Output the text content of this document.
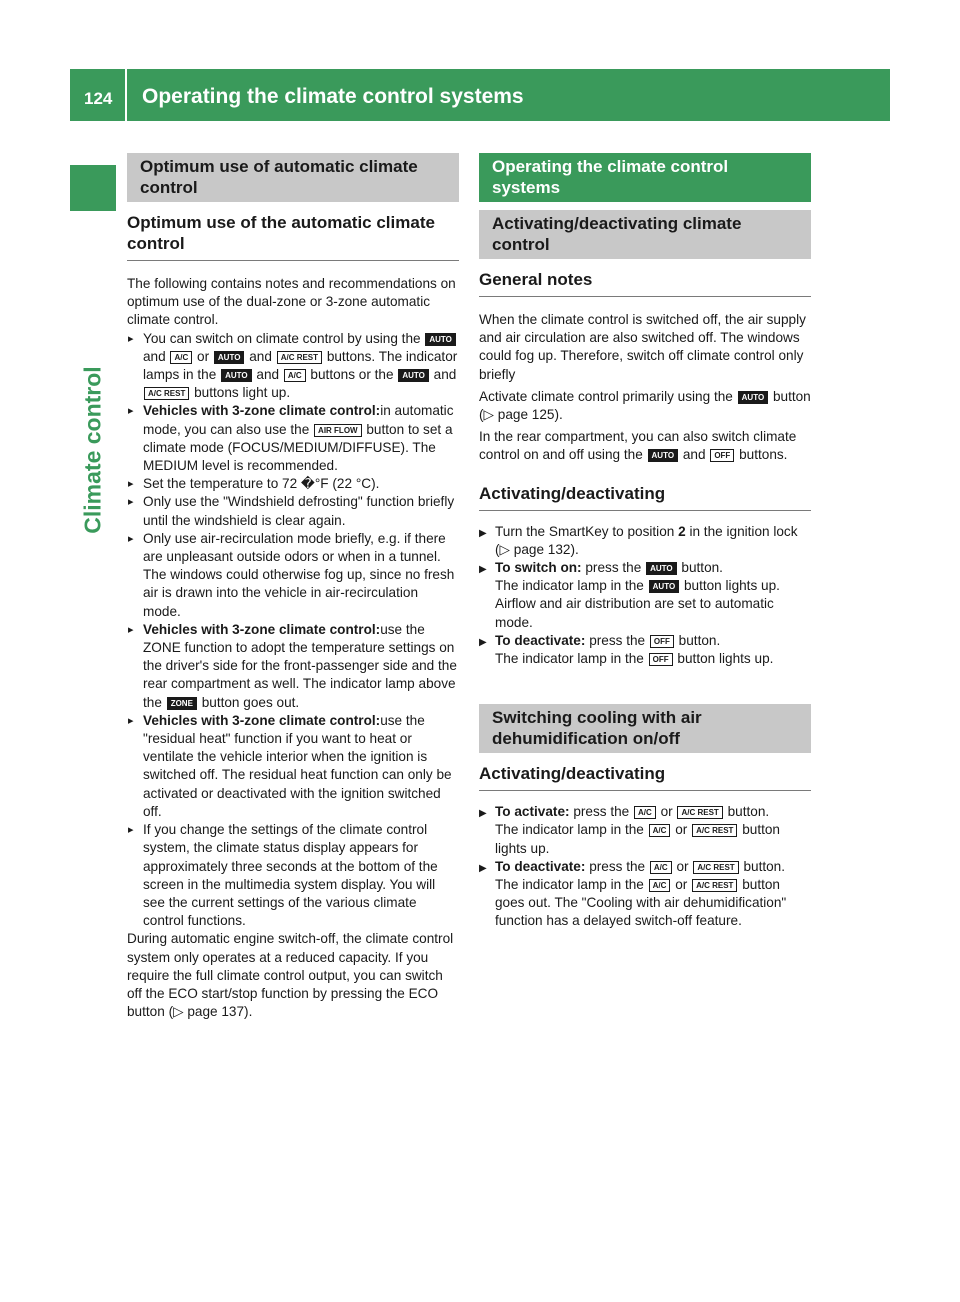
124 Operating the climate control systems
Climate control
Optimum use of automatic climate control
Optimum use of the automatic climate control

The following contains notes and recommendations on optimum use of the dual-zone or 3-zone automatic climate control.

▸ You can switch on climate control by using the AUTO and A/C or AUTO and A/C REST buttons. The indicator lamps in the AUTO and A/C buttons or the AUTO and A/C REST buttons light up.

▸ Vehicles with 3-zone climate control:in automatic mode, you can also use the AIR FLOW button to set a climate mode (FOCUS/MEDIUM/DIFFUSE). The MEDIUM level is recommended.

▸ Set the temperature to 72 �°F (22 ‌°C).

▸ Only use the "Windshield defrosting" function briefly until the windshield is clear again.

▸ Only use air-recirculation mode briefly, e.g. if there are unpleasant outside odors or when in a tunnel. The windows could otherwise fog up, since no fresh air is drawn into the vehicle in air-recirculation mode.

▸ Vehicles with 3-zone climate control:use the ZONE function to adopt the temperature settings on the driver's side for the front-passenger side and the rear compartment as well. The indicator lamp above the ZONE button goes out.

▸ Vehicles with 3-zone climate control:use the "residual heat" function if you want to heat or ventilate the vehicle interior when the ignition is switched off. The residual heat function can only be activated or deactivated with the ignition switched off.

▸ If you change the settings of the climate control system, the climate status display appears for approximately three seconds at the bottom of the screen in the multimedia system display. You will see the current settings of the various climate control functions.

During automatic engine switch-off, the climate control system only operates at a reduced capacity. If you require the full climate control output, you can switch off the ECO start/stop function by pressing the ECO button (▷ page 137).

Operating the climate control systems
Activating/deactivating climate control
General notes

When the climate control is switched off, the air supply and air circulation are also switched off. The windows could fog up. Therefore, switch off climate control only briefly

Activate climate control primarily using the AUTO button (▷ page 125).

In the rear compartment, you can also switch climate control on and off using the AUTO and OFF buttons.

Activating/deactivating

▶ Turn the SmartKey to position 2 in the ignition lock (▷ page 132).

▶ To switch on: press the AUTO button.
The indicator lamp in the AUTO button lights up. Airflow and air distribution are set to automatic mode.

▶ To deactivate: press the OFF button.
The indicator lamp in the OFF button lights up.

Switching cooling with air dehumidification on/off
Activating/deactivating

▶ To activate: press the A/C or A/C REST button.
The indicator lamp in the A/C or A/C REST button lights up.

▶ To deactivate: press the A/C or A/C REST button.
The indicator lamp in the A/C or A/C REST button goes out. The "Cooling with air dehumidification" function has a delayed switch-off feature.
